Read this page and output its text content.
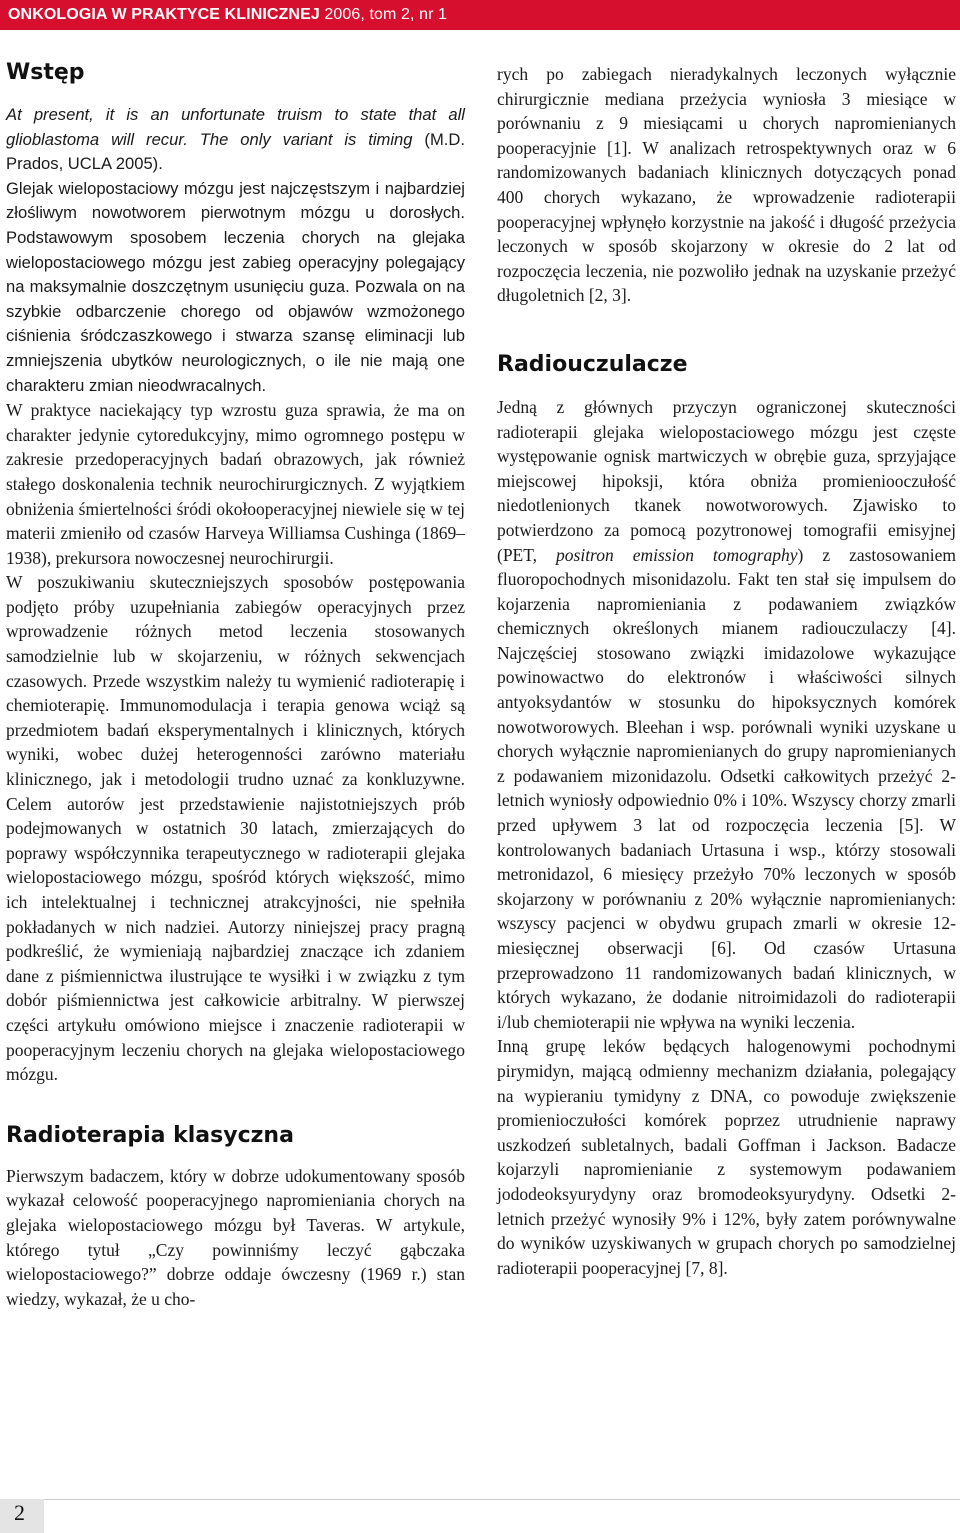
ONKOLOGIA W PRAKTYCE KLINICZNEJ 2006, tom 2, nr 1
Wstęp

At present, it is an unfortunate truism to state that all glioblastoma will recur. The only variant is timing (M.D. Prados, UCLA 2005).

Glejak wielopostaciowy mózgu jest najczęstszym i najbardziej złośliwym nowotworem pierwotnym mózgu u dorosłych. Podstawowym sposobem leczenia chorych na glejaka wielopostaciowego mózgu jest zabieg operacyjny polegający na maksymalnie doszczętnym usunięciu guza. Pozwala on na szybkie odbarczenie chorego od objawów wzmożonego ciśnienia śródczaszkowego i stwarza szansę eliminacji lub zmniejszenia ubytków neurologicznych, o ile nie mają one charakteru zmian nieodwracalnych.

W praktyce naciekający typ wzrostu guza sprawia, że ma on charakter jedynie cytoredukcyjny, mimo ogromnego postępu w zakresie przedoperacyjnych badań obrazowych, jak również stałego doskonalenia technik neurochirurgicznych. Z wyjątkiem obniżenia śmiertelności śródi okołooperacyjnej niewiele się w tej materii zmieniło od czasów Harveya Williamsa Cushinga (1869–1938), prekursora nowoczesnej neurochirurgii.

W poszukiwaniu skuteczniejszych sposobów postępowania podjęto próby uzupełniania zabiegów operacyjnych przez wprowadzenie różnych metod leczenia stosowanych samodzielnie lub w skojarzeniu, w różnych sekwencjach czasowych. Przede wszystkim należy tu wymienić radioterapię i chemioterapię. Immunomodulacja i terapia genowa wciąż są przedmiotem badań eksperymentalnych i klinicznych, których wyniki, wobec dużej heterogenności zarówno materiału klinicznego, jak i metodologii trudno uznać za konkluzywne. Celem autorów jest przedstawienie najistotniejszych prób podejmowanych w ostatnich 30 latach, zmierzających do poprawy współczynnika terapeutycznego w radioterapii glejaka wielopostaciowego mózgu, spośród których większość, mimo ich intelektualnej i technicznej atrakcyjności, nie spełniła pokładanych w nich nadziei. Autorzy niniejszej pracy pragną podkreślić, że wymieniają najbardziej znaczące ich zdaniem dane z piśmiennictwa ilustrujące te wysiłki i w związku z tym dobór piśmiennictwa jest całkowicie arbitralny. W pierwszej części artykułu omówiono miejsce i znaczenie radioterapii w pooperacyjnym leczeniu chorych na glejaka wielopostaciowego mózgu.

Radioterapia klasyczna

Pierwszym badaczem, który w dobrze udokumentowany sposób wykazał celowość pooperacyjnego napromieniania chorych na glejaka wielopostaciowego mózgu był Taveras. W artykule, którego tytuł „Czy powinniśmy leczyć gąbczaka wielopostaciowego?” dobrze oddaje ówczesny (1969 r.) stan wiedzy, wykazał, że u cho-

rych po zabiegach nieradykalnych leczonych wyłącznie chirurgicznie mediana przeżycia wyniosła 3 miesiące w porównaniu z 9 miesiącami u chorych napromienianych pooperacyjnie [1]. W analizach retrospektywnych oraz w 6 randomizowanych badaniach klinicznych dotyczących ponad 400 chorych wykazano, że wprowadzenie radioterapii pooperacyjnej wpłynęło korzystnie na jakość i długość przeżycia leczonych w sposób skojarzony w okresie do 2 lat od rozpoczęcia leczenia, nie pozwoliło jednak na uzyskanie przeżyć długoletnich [2, 3].

Radiouczulacze

Jedną z głównych przyczyn ograniczonej skuteczności radioterapii glejaka wielopostaciowego mózgu jest częste występowanie ognisk martwiczych w obrębie guza, sprzyjające miejscowej hipoksji, która obniża promieniooczułość niedotlenionych tkanek nowotworowych. Zjawisko to potwierdzono za pomocą pozytronowej tomografii emisyjnej (PET, positron emission tomography) z zastosowaniem fluoropochodnych misonidazolu. Fakt ten stał się impulsem do kojarzenia napromieniania z podawaniem związków chemicznych określonych mianem radiouczulaczy [4]. Najczęściej stosowano związki imidazolowe wykazujące powinowactwo do elektronów i właściwości silnych antyoksydantów w stosunku do hipoksycznych komórek nowotworowych. Bleehan i wsp. porównali wyniki uzyskane u chorych wyłącznie napromienianych do grupy napromienianych z podawaniem mizonidazolu. Odsetki całkowitych przeżyć 2-letnich wyniosły odpowiednio 0% i 10%. Wszyscy chorzy zmarli przed upływem 3 lat od rozpoczęcia leczenia [5]. W kontrolowanych badaniach Urtasuna i wsp., którzy stosowali metronidazol, 6 miesięcy przeżyło 70% leczonych w sposób skojarzony w porównaniu z 20% wyłącznie napromienianych: wszyscy pacjenci w obydwu grupach zmarli w okresie 12-miesięcznej obserwacji [6]. Od czasów Urtasuna przeprowadzono 11 randomizowanych badań klinicznych, w których wykazano, że dodanie nitroimidazoli do radioterapii i/lub chemioterapii nie wpływa na wyniki leczenia.

Inną grupę leków będących halogenowymi pochodnymi pirymidyn, mającą odmienny mechanizm działania, polegający na wypieraniu tymidyny z DNA, co powoduje zwiększenie promienioczułości komórek poprzez utrudnienie naprawy uszkodzeń subletalnych, badali Goffman i Jackson. Badacze kojarzyli napromienianie z systemowym podawaniem jododeoksyurydyny oraz bromodeoksyurydyny. Odsetki 2-letnich przeżyć wynosiły 9% i 12%, były zatem porównywalne do wyników uzyskiwanych w grupach chorych po samodzielnej radioterapii pooperacyjnej [7, 8].

2
